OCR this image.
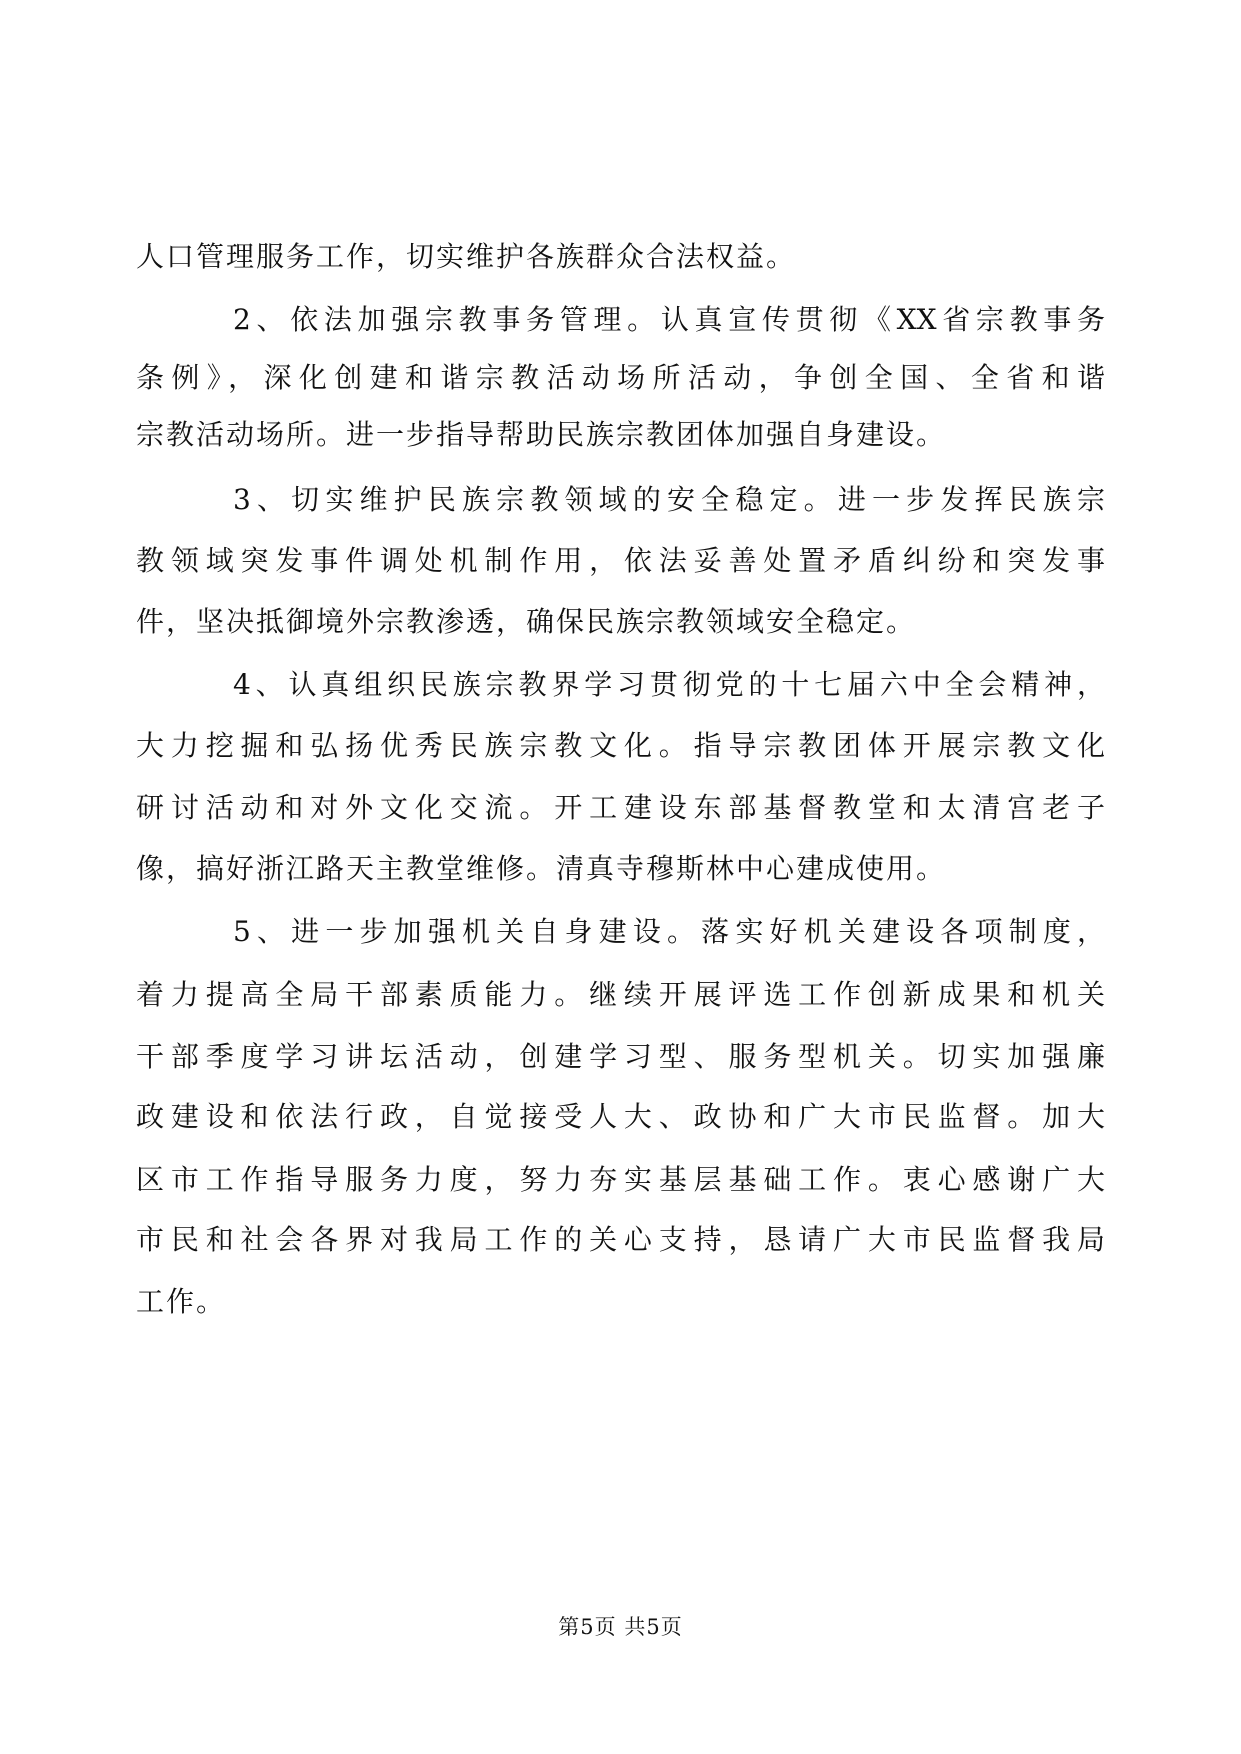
人口管理服务工作，切实维护各族群众合法权益。
2、依法加强宗教事务管理。认真宣传贯彻《XX省宗教事务
条例》，深化创建和谐宗教活动场所活动，争创全国、全省和谐
宗教活动场所。进一步指导帮助民族宗教团体加强自身建设。
3、切实维护民族宗教领域的安全稳定。进一步发挥民族宗
教领域突发事件调处机制作用，依法妥善处置矛盾纠纷和突发事
件，坚决抵御境外宗教渗透，确保民族宗教领域安全稳定。
4、认真组织民族宗教界学习贯彻党的十七届六中全会精神，
大力挖掘和弘扬优秀民族宗教文化。指导宗教团体开展宗教文化
研讨活动和对外文化交流。开工建设东部基督教堂和太清宫老子
像，搞好浙江路天主教堂维修。清真寺穆斯林中心建成使用。
5、进一步加强机关自身建设。落实好机关建设各项制度，
着力提高全局干部素质能力。继续开展评选工作创新成果和机关
干部季度学习讲坛活动，创建学习型、服务型机关。切实加强廉
政建设和依法行政，自觉接受人大、政协和广大市民监督。加大
区市工作指导服务力度，努力夯实基层基础工作。衷心感谢广大
市民和社会各界对我局工作的关心支持，恳请广大市民监督我局
工作。
第5页 共5页
